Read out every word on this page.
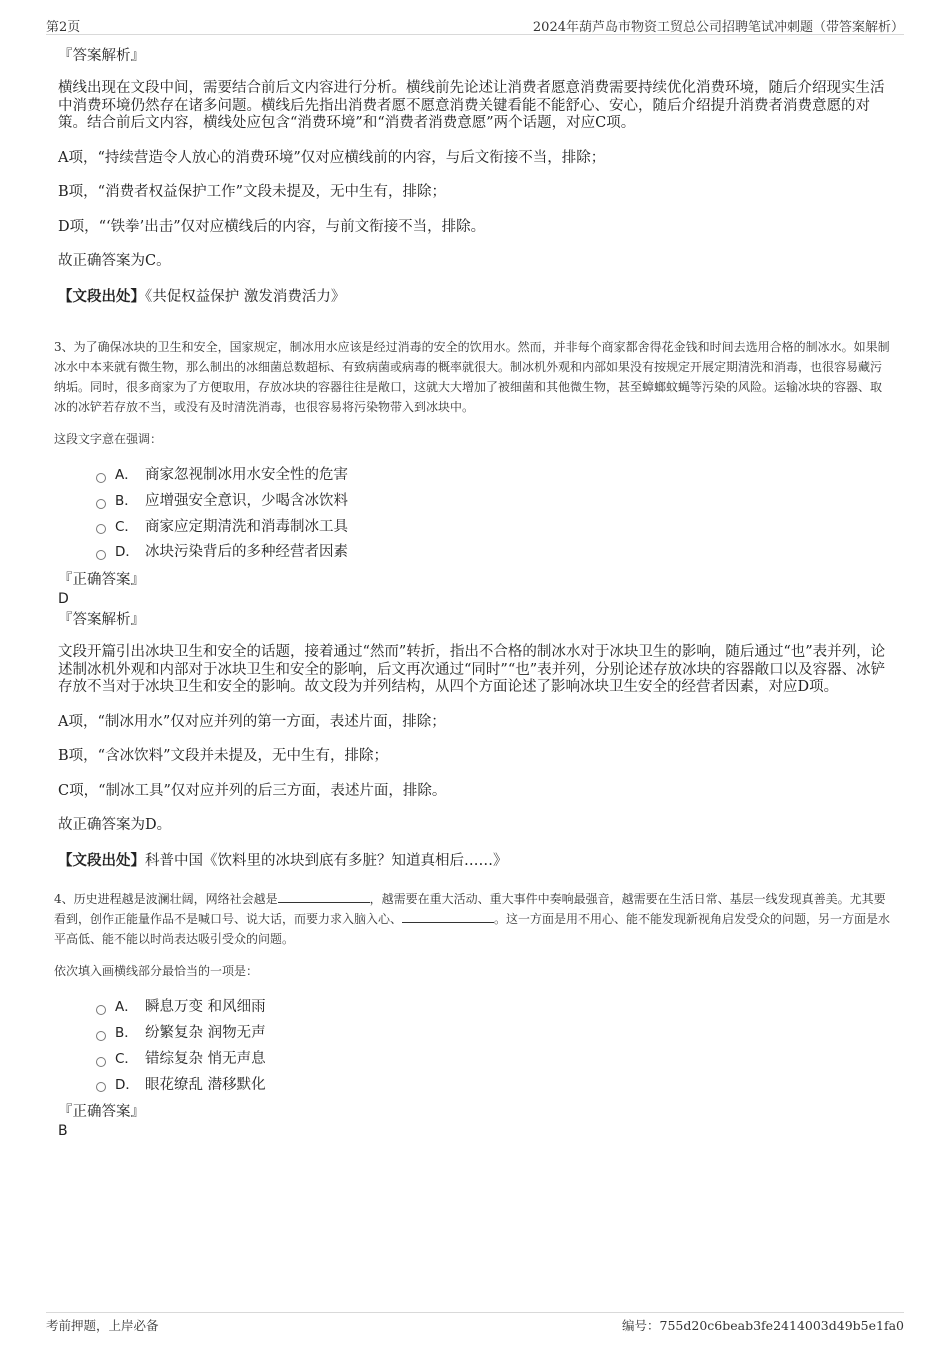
第2页	2024年葫芦岛市物资工贸总公司招聘笔试冲刺题（带答案解析）

『答案解析』

横线出现在文段中间，需要结合前后文内容进行分析。横线前先论述让消费者愿意消费需要持续优化消费环境，随后介绍现实生活中消费环境仍然存在诸多问题。横线后先指出消费者愿不愿意消费关键看能不能舒心、安心，随后介绍提升消费者消费意愿的对策。结合前后文内容，横线处应包含“消费环境”和“消费者消费意愿”两个话题，对应C项。

A项，“持续营造令人放心的消费环境”仅对应横线前的内容，与后文衔接不当，排除；

B项，“消费者权益保护工作”文段未提及，无中生有，排除；

D项，“‘铁拳’出击”仅对应横线后的内容，与前文衔接不当，排除。

故正确答案为C。

【文段出处】《共促权益保护 激发消费活力》

3、为了确保冰块的卫生和安全，国家规定，制冰用水应该是经过消毒的安全的饮用水。然而，并非每个商家都舍得花金钱和时间去选用合格的制冰水。如果制冰水中本来就有微生物，那么制出的冰细菌总数超标、有致病菌或病毒的概率就很大。制冰机外观和内部如果没有按规定开展定期清洗和消毒，也很容易藏污纳垢。同时，很多商家为了方便取用，存放冰块的容器往往是敞口，这就大大增加了被细菌和其他微生物，甚至蟑螂蚊蝇等污染的风险。运输冰块的容器、取冰的冰铲若存放不当，或没有及时清洗消毒，也很容易将污染物带入到冰块中。

这段文字意在强调：

A． 商家忽视制冰用水安全性的危害
B． 应增强安全意识，少喝含冰饮料
C． 商家应定期清洗和消毒制冰工具
D． 冰块污染背后的多种经营者因素

『正确答案』

D

『答案解析』

文段开篇引出冰块卫生和安全的话题，接着通过“然而”转折，指出不合格的制冰水对于冰块卫生的影响，随后通过“也”表并列，论述制冰机外观和内部对于冰块卫生和安全的影响，后文再次通过“同时”“也”表并列，分别论述存放冰块的容器敞口以及容器、冰铲存放不当对于冰块卫生和安全的影响。故文段为并列结构，从四个方面论述了影响冰块卫生安全的经营者因素，对应D项。

A项，“制冰用水”仅对应并列的第一方面，表述片面，排除；

B项，“含冰饮料”文段并未提及，无中生有，排除；

C项，“制冰工具”仅对应并列的后三方面，表述片面，排除。

故正确答案为D。

【文段出处】科普中国《饮料里的冰块到底有多脏？知道真相后……》

4、历史进程越是波澜壮阔，网络社会越是	，越需要在重大活动、重大事件中奏响最强音，越需要在生活日常、基层一线发现真善美。尤其要看到，创作正能量作品不是喊口号、说大话，而要力求入脑入心、	。这一方面是用不用心、能不能发现新视角启发受众的问题，另一方面是水平高低、能不能以时尚表达吸引受众的问题。

依次填入画横线部分最恰当的一项是：

A． 瞬息万变 和风细雨
B． 纷繁复杂 润物无声
C． 错综复杂 悄无声息
D． 眼花缭乱 潜移默化

『正确答案』

B

考前押题，上岸必备	编号：755d20c6beab3fe2414003d49b5e1fa0
